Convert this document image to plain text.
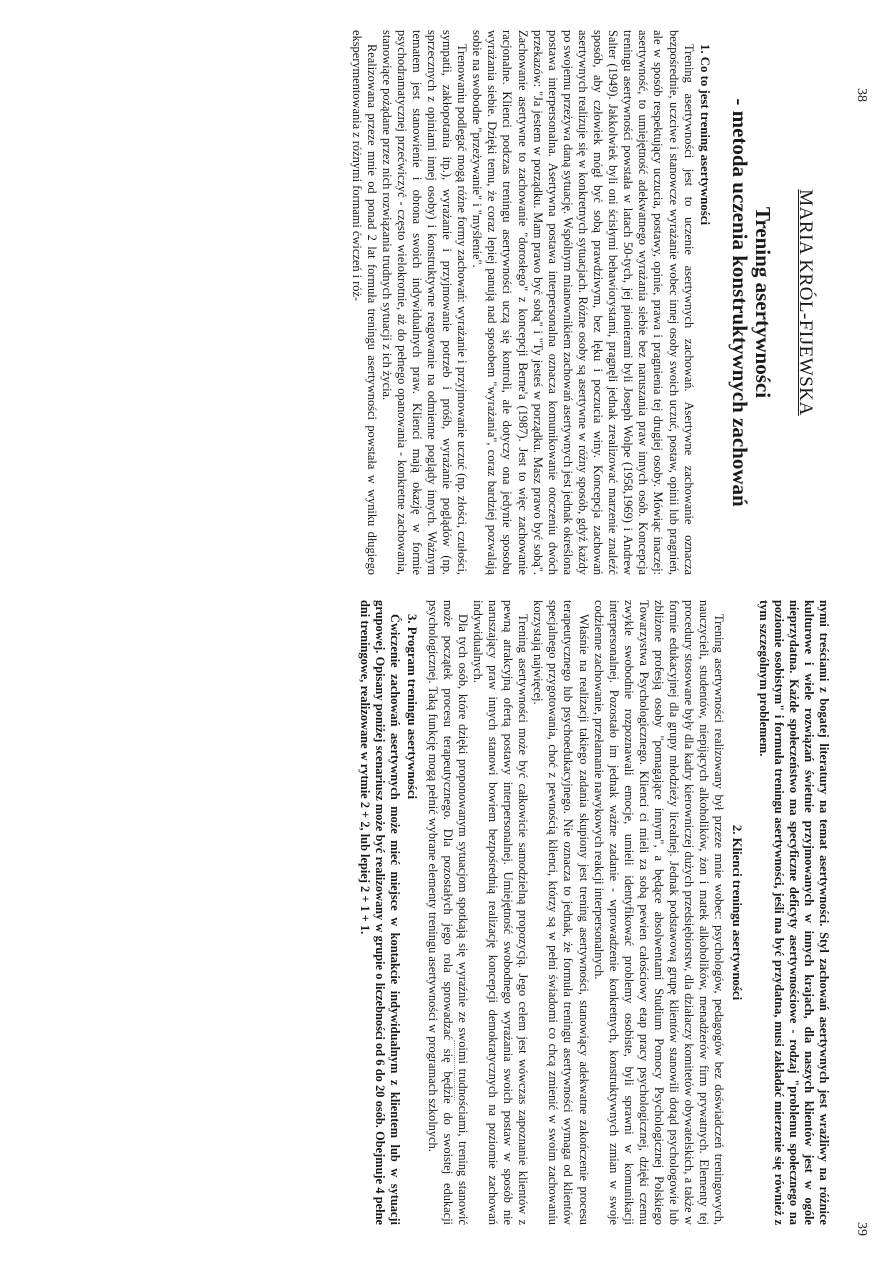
38
39
MARIA KRÓL-FIJEWSKA
Trening asertywności
- metoda uczenia konstruktywnych zachowań
1. Co to jest trening asertywności

Trening asertywności jest to uczenie asertywnych zachowań. Asertywne zachowanie oznacza bezpośrednie, uczciwe i stanowcze wyrażanie wobec innej osoby swoich uczuć, postaw, opinii lub pragnień, ale w sposób respektujący uczucia, postawy, opinie, prawa i pragnienia tej drugiej osoby. Mówiąc inaczej: asertywność, to umiejętność adekwatnego wyrażania siebie bez naruszania praw innych osób. Koncepcja treningu asertywności powstała w latach 50-tych, jej pionierami byli Joseph Wolpe (1958,1969) i Andrew Salter (1949). Jakkolwiek byli oni ścisłymi behawiorystami, pragnęli jednak zrealizować marzenie znaleźć sposób, aby człowiek mógł być sobą prawdziwym, bez lęku i poczucia winy. Koncepcja zachowań asertywnych realizuje się w konkretnych sytuacjach. Różne osoby są asertywne w różny sposób, gdyż każdy po swojemu przeżywa daną sytuację. Wspólnym mianownikiem zachowań asertywnych jest jednak określona postawa interpersonalna. Asertywna postawa interpersonalna oznacza komunikowanie otoczeniu dwóch przekazów: "Ja jestem w porządku. Mam prawo być sobą" i "Ty jesteś w porządku. Masz prawo być sobą". Zachowanie asertywne to zachowanie "dorosłego" z koncepcji Berne'a (1987). Jest to więc zachowanie racjonalne. Klienci podczas treningu asertywności uczą się kontroli, ale dotyczy ona jedynie sposobu wyrażania siebie. Dzięki temu, że coraz lepiej panują nad sposobem "wyrażania", coraz bardziej pozwalają sobie na swobodne "przeżywanie" i "myślenie".

Trenowaniu podlegać mogą różne formy zachowań: wyrażanie i przyjmowanie uczuć (np. złości, czułości, sympatii, zakłopotania itp.), wyrażanie i przyjmowanie potrzeb i próśb, wyrażanie poglądów (np. sprzecznych z opiniami innej osoby) i konstruktywne reagowanie na odmienne poglądy innych. Ważnym tematem jest stanowienie i obrona swoich indywidualnych praw. Klienci mają okazję w formie psychodramatycznej przećwiczyć - często wielokrotnie, aż do pełnego opanowania - konkretne zachowania, stanowiące pożądane przez nich rozwiązania trudnych sytuacji z ich życia.

Realizowana przeze mnie od ponad 2 lat formuła treningu asertywności powstała w wyniku długiego eksperymentowania z różnymi formami ćwiczeń i róż-

nymi treściami z bogatej literatury na temat asertywności. Styl zachowań asertywnych jest wrażliwy na różnice kulturowe i wiele rozwiązań świetnie przyjmowanych w innych krajach, dla naszych klientów jest w ogóle nieprzydatna. Każde społeczeństwo ma specyficzne deficyty asertywnościowe - rodzaj "problemu społecznego na poziomie osobistym" i formuła treningu asertywności, jeśli ma być przydatna, musi zakładać mierzenie się również z tym szczególnym problemem.

2. Klienci treningu asertywności

Trening asertywności realizowany był przeze mnie wobec: psychologów, pedagogów bez doświadczeń treningowych, nauczycieli, studentów, niepijących alkoholików, żon i matek alkoholików, menadżerów firm prywatnych. Elementy tej procedury stosowane były dla kadry kierowniczej dużych przedsiębiorstw, dla działaczy komitetów obywatelskich, a także w formie edukacyjnej dla grupy młodzieży licealnej. Jednak podstawową grupę klientów stanowili dotąd psychologowie lub zbliżone profesją osoby "pomagające innym", a będące absolwentami Studium Pomocy Psychologicznej Polskiego Towarzystwa Psychologicznego. Klienci ci mieli za sobą pewien całościowy etap pracy psychologicznej, dzięki czemu zwykle swobodnie rozpoznawali emocje, umieli identyfikować problemy osobiste, byli sprawni w komunikacji interpersonalnej. Pozostało im jednak ważne zadanie - wprowadzenie konkretnych, konstruktywnych zmian w swoje codzienne zachowanie, przełamanie nawykowych reakcji interpersonalnych.

Właśnie na realizacji takiego zadania skupiony jest trening asertywności, stanowiący adekwatne zakończenie procesu terapeutycznego lub psychoedukacyjnego. Nie oznacza to jednak, że formuła treningu asertywności wymaga od klientów specjalnego przygotowania, choć z pewnością klienci, którzy są w pełni świadomi co chcą zmienić w swoim zachowaniu korzystają najwięcej.

Trening asertywności może być całkowicie samodzielną propozycją. Jego celem jest wówczas zapoznanie klientów z pewną atrakcyjną ofertą postawy interpersonalnej. Umiejętność swobodnego wyrażania swoich postaw w sposób nie naruszający praw innych stanowi bowiem bezpośrednią realizację koncepcji demokratycznych na poziomie zachowań indywidualnych.

Dla tych osób, które dzięki proponowanym sytuacjom spotkają się wyraźnie ze swoimi trudnościami, trening stanowić może początek procesu terapeutycznego. Dla pozostałych jego rola sprowadzać się będzie do swoistej edukacji psychologicznej. Taką funkcję mogą pełnić wybrane elementy treningu asertywności w programach szkolnych.

3. Program treningu asertywności

Ćwiczenie zachowań asertywnych może mieć miejsce w kontakcie indywidualnym z klientem lub w sytuacji grupowej. Opisany poniżej scenariusz może być realizowany w grupie o liczebności od 6 do 20 osób. Obejmuje 4 pełne dni treningowe, realizowane w rytmie 2 + 2, lub lepiej 2 + 1 + 1.
